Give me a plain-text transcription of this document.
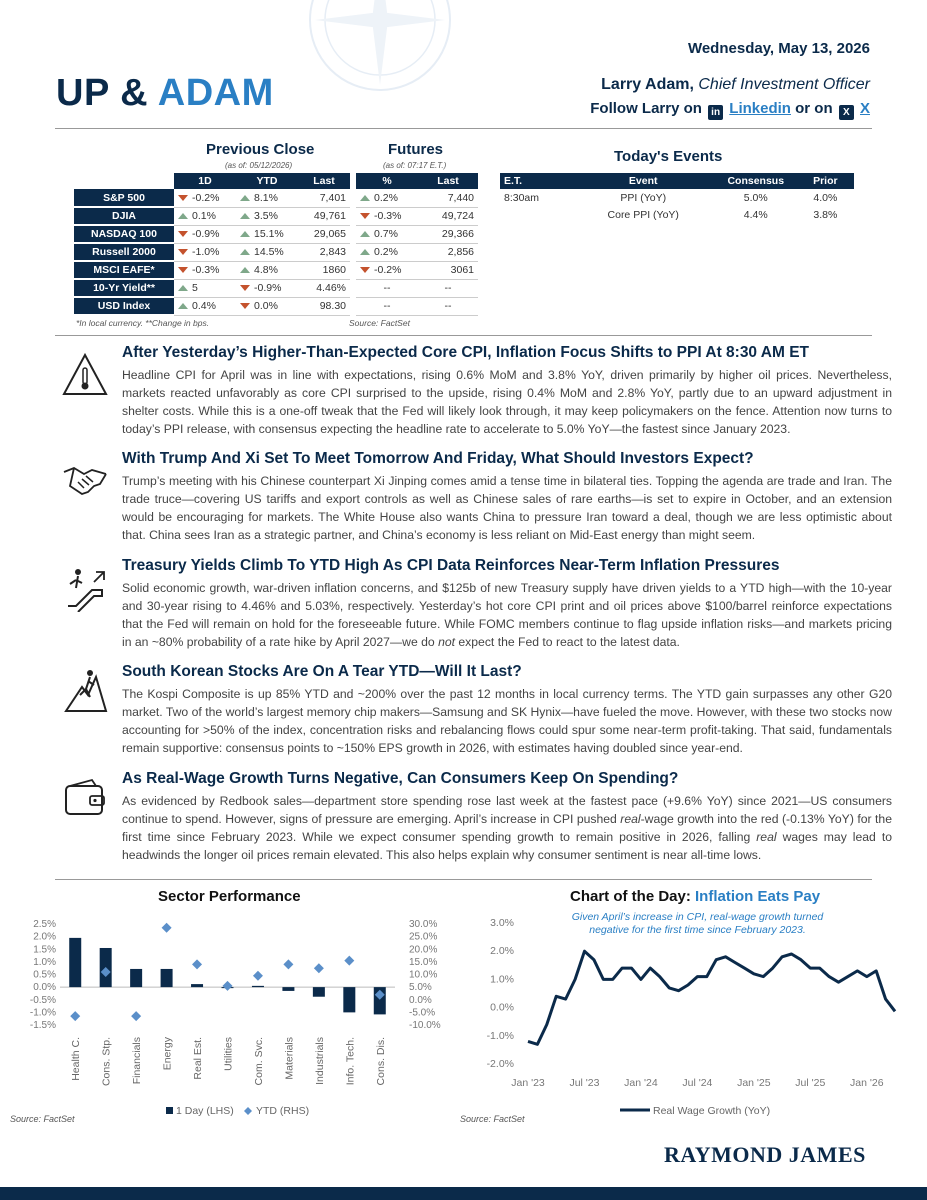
Wednesday, May 13, 2026
UP & ADAM	Larry Adam, Chief Investment Officer
Follow Larry on in Linkedin or on X X
Previous Close
(as of: 05/12/2026)
Futures
(as of: 07:17 E.T.)
	1D	YTD	Last		%	Last
S&P 500	-0.2%	8.1%	7,401		0.2%	7,440
DJIA	0.1%	3.5%	49,761		-0.3%	49,724
NASDAQ 100	-0.9%	15.1%	29,065		0.7%	29,366
Russell 2000	-1.0%	14.5%	2,843		0.2%	2,856
MSCI EAFE*	-0.3%	4.8%	1860		-0.2%	3061
10-Yr Yield**	5	-0.9%	4.46%		--	--
USD Index	0.4%	0.0%	98.30		--	--
*In local currency. **Change in bps.	Source: FactSet
Today's Events
E.T.	Event	Consensus	Prior
8:30am	PPI (YoY)	5.0%	4.0%
	Core PPI (YoY)	4.4%	3.8%
After Yesterday’s Higher-Than-Expected Core CPI, Inflation Focus Shifts to PPI At 8:30 AM ET

Headline CPI for April was in line with expectations, rising 0.6% MoM and 3.8% YoY, driven primarily by higher oil prices. Nevertheless, markets reacted unfavorably as core CPI surprised to the upside, rising 0.4% MoM and 2.8% YoY, partly due to an upward adjustment in shelter costs. While this is a one-off tweak that the Fed will likely look through, it may keep policymakers on the fence. Attention now turns to today’s PPI release, with consensus expecting the headline rate to accelerate to 5.0% YoY—the fastest since January 2023.

With Trump And Xi Set To Meet Tomorrow And Friday, What Should Investors Expect?

Trump’s meeting with his Chinese counterpart Xi Jinping comes amid a tense time in bilateral ties. Topping the agenda are trade and Iran. The trade truce—covering US tariffs and export controls as well as Chinese sales of rare earths—is set to expire in October, and an extension would be encouraging for markets. The White House also wants China to pressure Iran toward a deal, though we are less optimistic about that. China sees Iran as a strategic partner, and China’s economy is less reliant on Mid-East energy than might seem.

Treasury Yields Climb To YTD High As CPI Data Reinforces Near-Term Inflation Pressures

Solid economic growth, war-driven inflation concerns, and $125b of new Treasury supply have driven yields to a YTD high—with the 10-year and 30-year rising to 4.46% and 5.03%, respectively. Yesterday’s hot core CPI print and oil prices above $100/barrel reinforce expectations that the Fed will remain on hold for the foreseeable future. While FOMC members continue to flag upside inflation risks—and markets pricing in an ~80% probability of a rate hike by April 2027—we do not expect the Fed to react to the latest data.

South Korean Stocks Are On A Tear YTD—Will It Last?

The Kospi Composite is up 85% YTD and ~200% over the past 12 months in local currency terms. The YTD gain surpasses any other G20 market. Two of the world’s largest memory chip makers—Samsung and SK Hynix—have fueled the move. However, with these two stocks now accounting for >50% of the index, concentration risks and rebalancing flows could spur some near-term profit-taking. That said, fundamentals remain supportive: consensus points to ~150% EPS growth in 2026, with estimates having doubled since year-end.

As Real-Wage Growth Turns Negative, Can Consumers Keep On Spending?

As evidenced by Redbook sales—department store spending rose last week at the fastest pace (+9.6% YoY) since 2021—US consumers continue to spend. However, signs of pressure are emerging. April’s increase in CPI pushed real-wage growth into the red (-0.13% YoY) for the first time since February 2023. While we expect consumer spending growth to remain positive in 2026, falling real wages may lead to headwinds the longer oil prices remain elevated. This also helps explain why consumer sentiment is near all-time lows.

Sector Performance
2.5%
2.0%
1.5%
1.0%
0.5%
0.0%
-0.5%
-1.0%
-1.5%
30.0%
25.0%
20.0%
15.0%
10.0%
5.0%
0.0%
-5.0%
-10.0%
Health C. Cons. Stp. Financials Energy Real Est. Utilities Com. Svc. Materials Industrials Info. Tech. Cons. Dis.
1 Day (LHS) YTD (RHS)
Source: FactSet
Chart of the Day: Inflation Eats Pay
Given April’s increase in CPI, real-wage growth turned negative for the first time since February 2023.
3.0%
2.0%
1.0%
0.0%
-1.0%
-2.0%
Jan '23 Jul '23 Jan '24 Jul '24 Jan '25 Jul '25 Jan '26
Real Wage Growth (YoY)
Source: FactSet
RAYMOND JAMES
